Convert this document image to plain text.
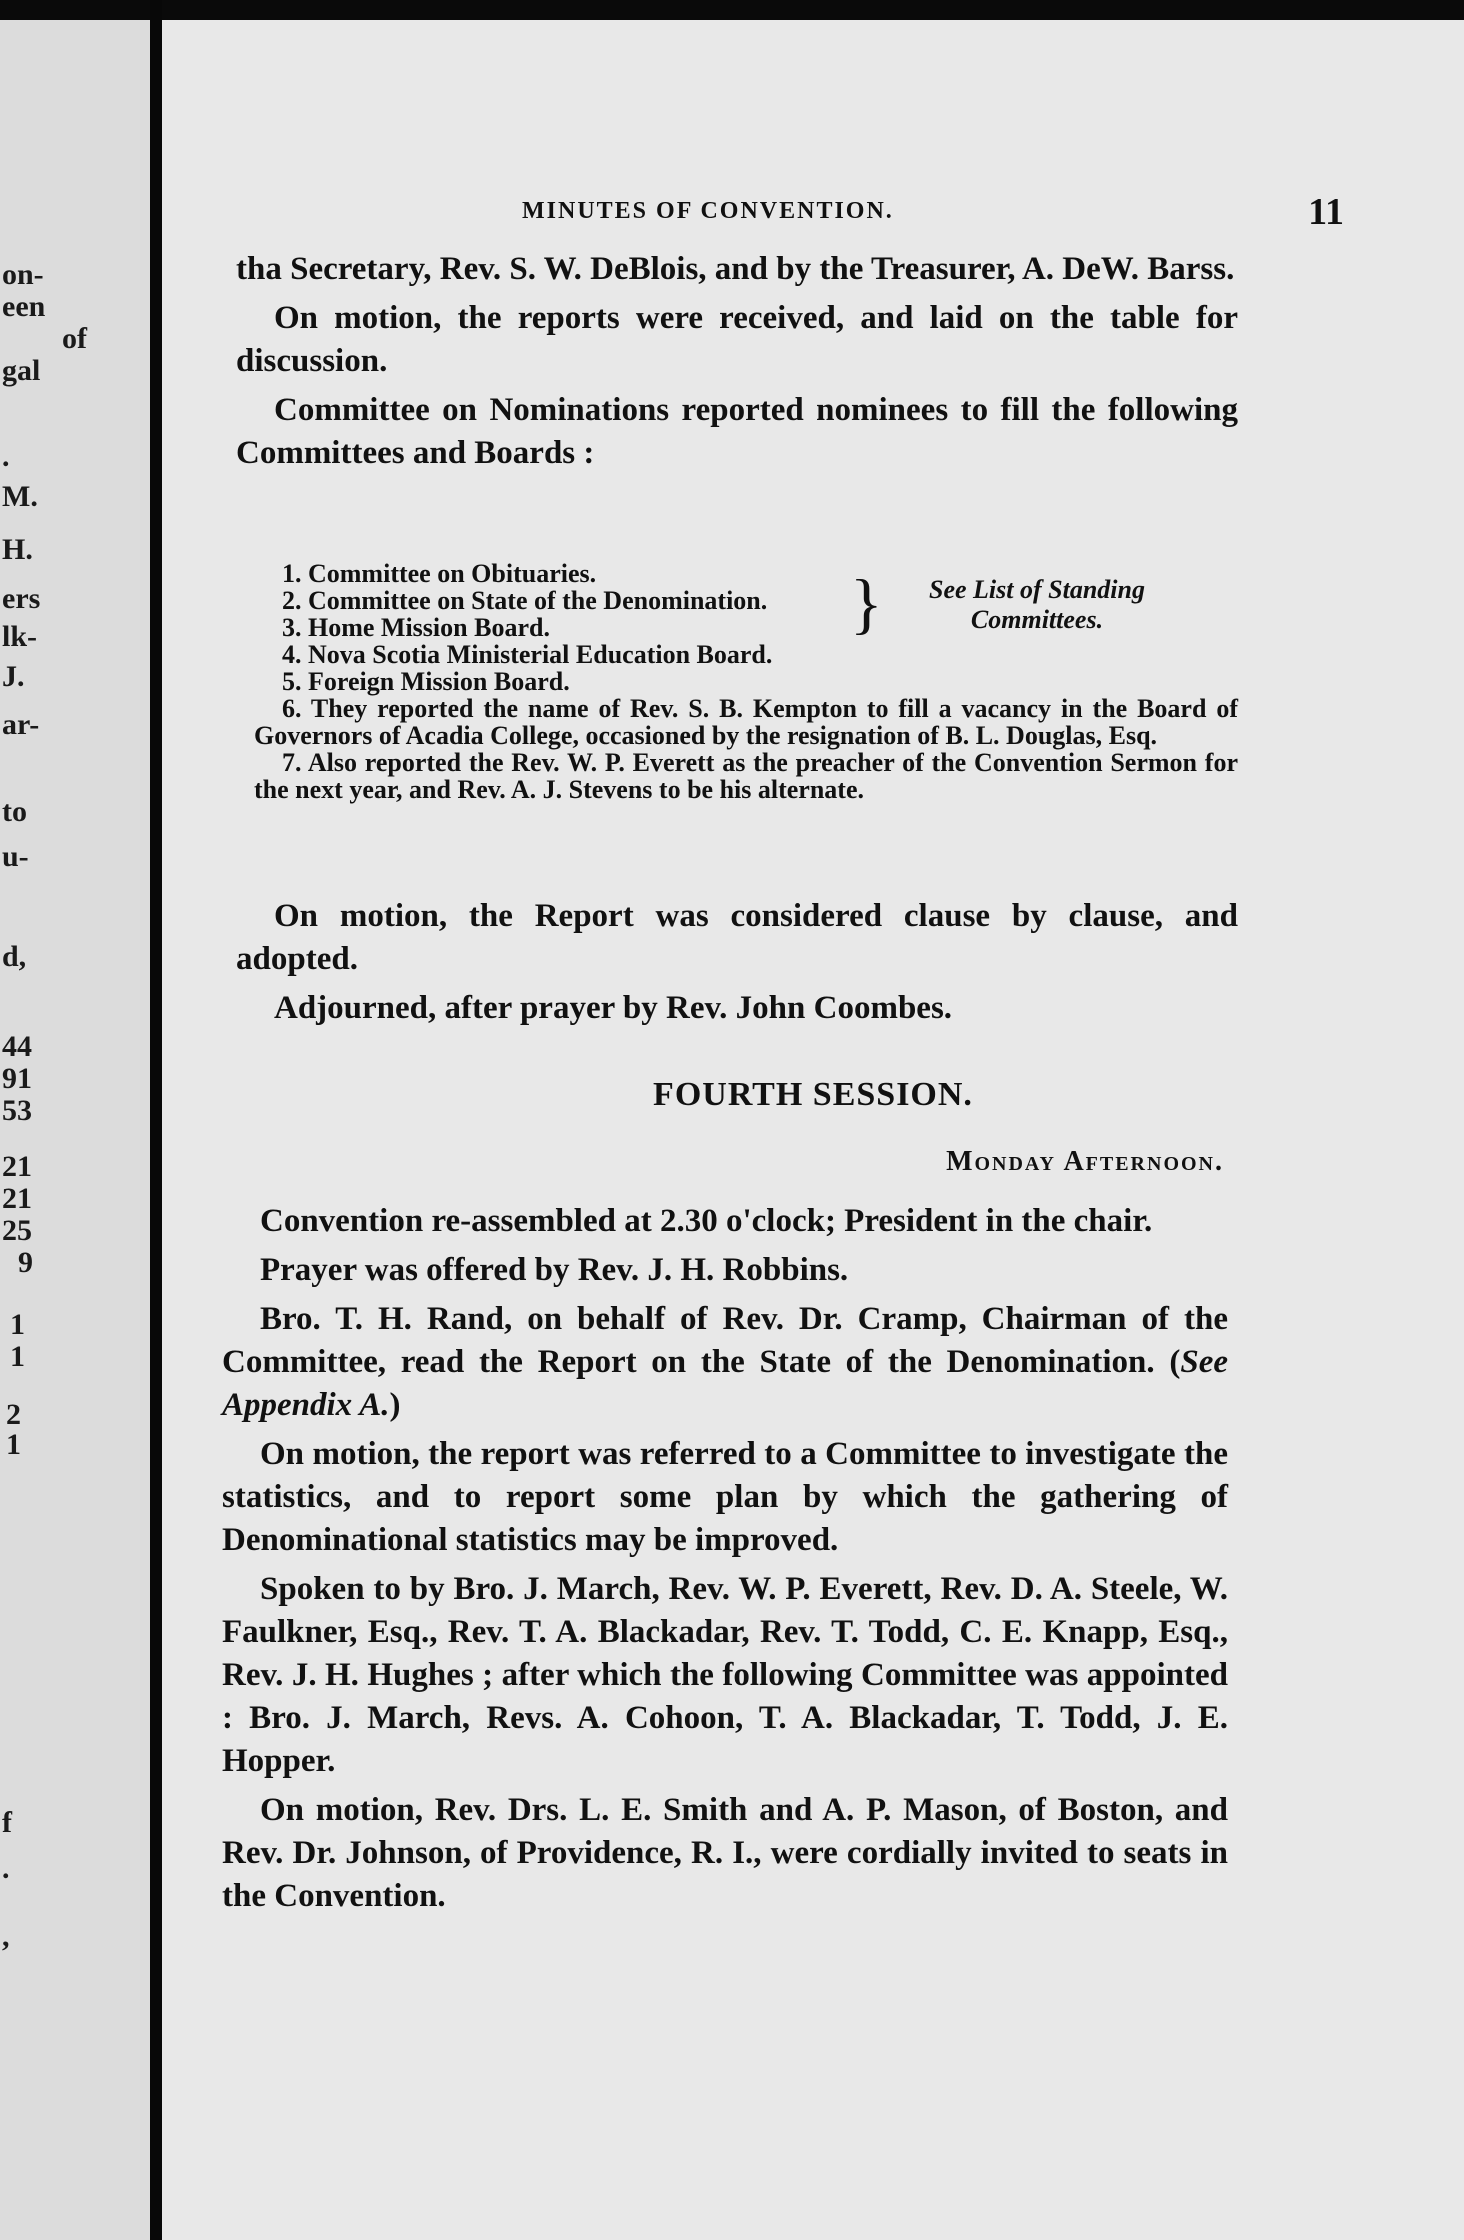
on-
een
of
gal
.
M.
H.
ers
lk-
J.
ar-
to
u-
d,
44
91
53
21
21
25
9
1
1
2
1
f
.
,
MINUTES OF CONVENTION.	11

tha Secretary, Rev. S. W. DeBlois, and by the Treasurer, A. DeW. Barss.

On motion, the reports were received, and laid on the table for discussion.

Committee on Nominations reported nominees to fill the following Committees and Boards :

1. Committee on Obituaries.
2. Committee on State of the Denomination.
3. Home Mission Board.
4. Nova Scotia Ministerial Education Board.
5. Foreign Mission Board.
6. They reported the name of Rev. S. B. Kempton to fill a vacancy in the Board of Governors of Acadia College, occasioned by the resignation of B. L. Douglas, Esq.
7. Also reported the Rev. W. P. Everett as the preacher of the Convention Sermon for the next year, and Rev. A. J. Stevens to be his alternate.
}	See List of Standing
Committees.

On motion, the Report was considered clause by clause, and adopted.

Adjourned, after prayer by Rev. John Coombes.

FOURTH SESSION.
Monday Afternoon.

Convention re-assembled at 2.30 o'clock; President in the chair.

Prayer was offered by Rev. J. H. Robbins.

Bro. T. H. Rand, on behalf of Rev. Dr. Cramp, Chairman of the Committee, read the Report on the State of the Denomination. (See Appendix A.)

On motion, the report was referred to a Committee to investigate the statistics, and to report some plan by which the gathering of Denominational statistics may be improved.

Spoken to by Bro. J. March, Rev. W. P. Everett, Rev. D. A. Steele, W. Faulkner, Esq., Rev. T. A. Blackadar, Rev. T. Todd, C. E. Knapp, Esq., Rev. J. H. Hughes ; after which the following Committee was appointed : Bro. J. March, Revs. A. Cohoon, T. A. Blackadar, T. Todd, J. E. Hopper.

On motion, Rev. Drs. L. E. Smith and A. P. Mason, of Boston, and Rev. Dr. Johnson, of Providence, R. I., were cordially invited to seats in the Convention.
